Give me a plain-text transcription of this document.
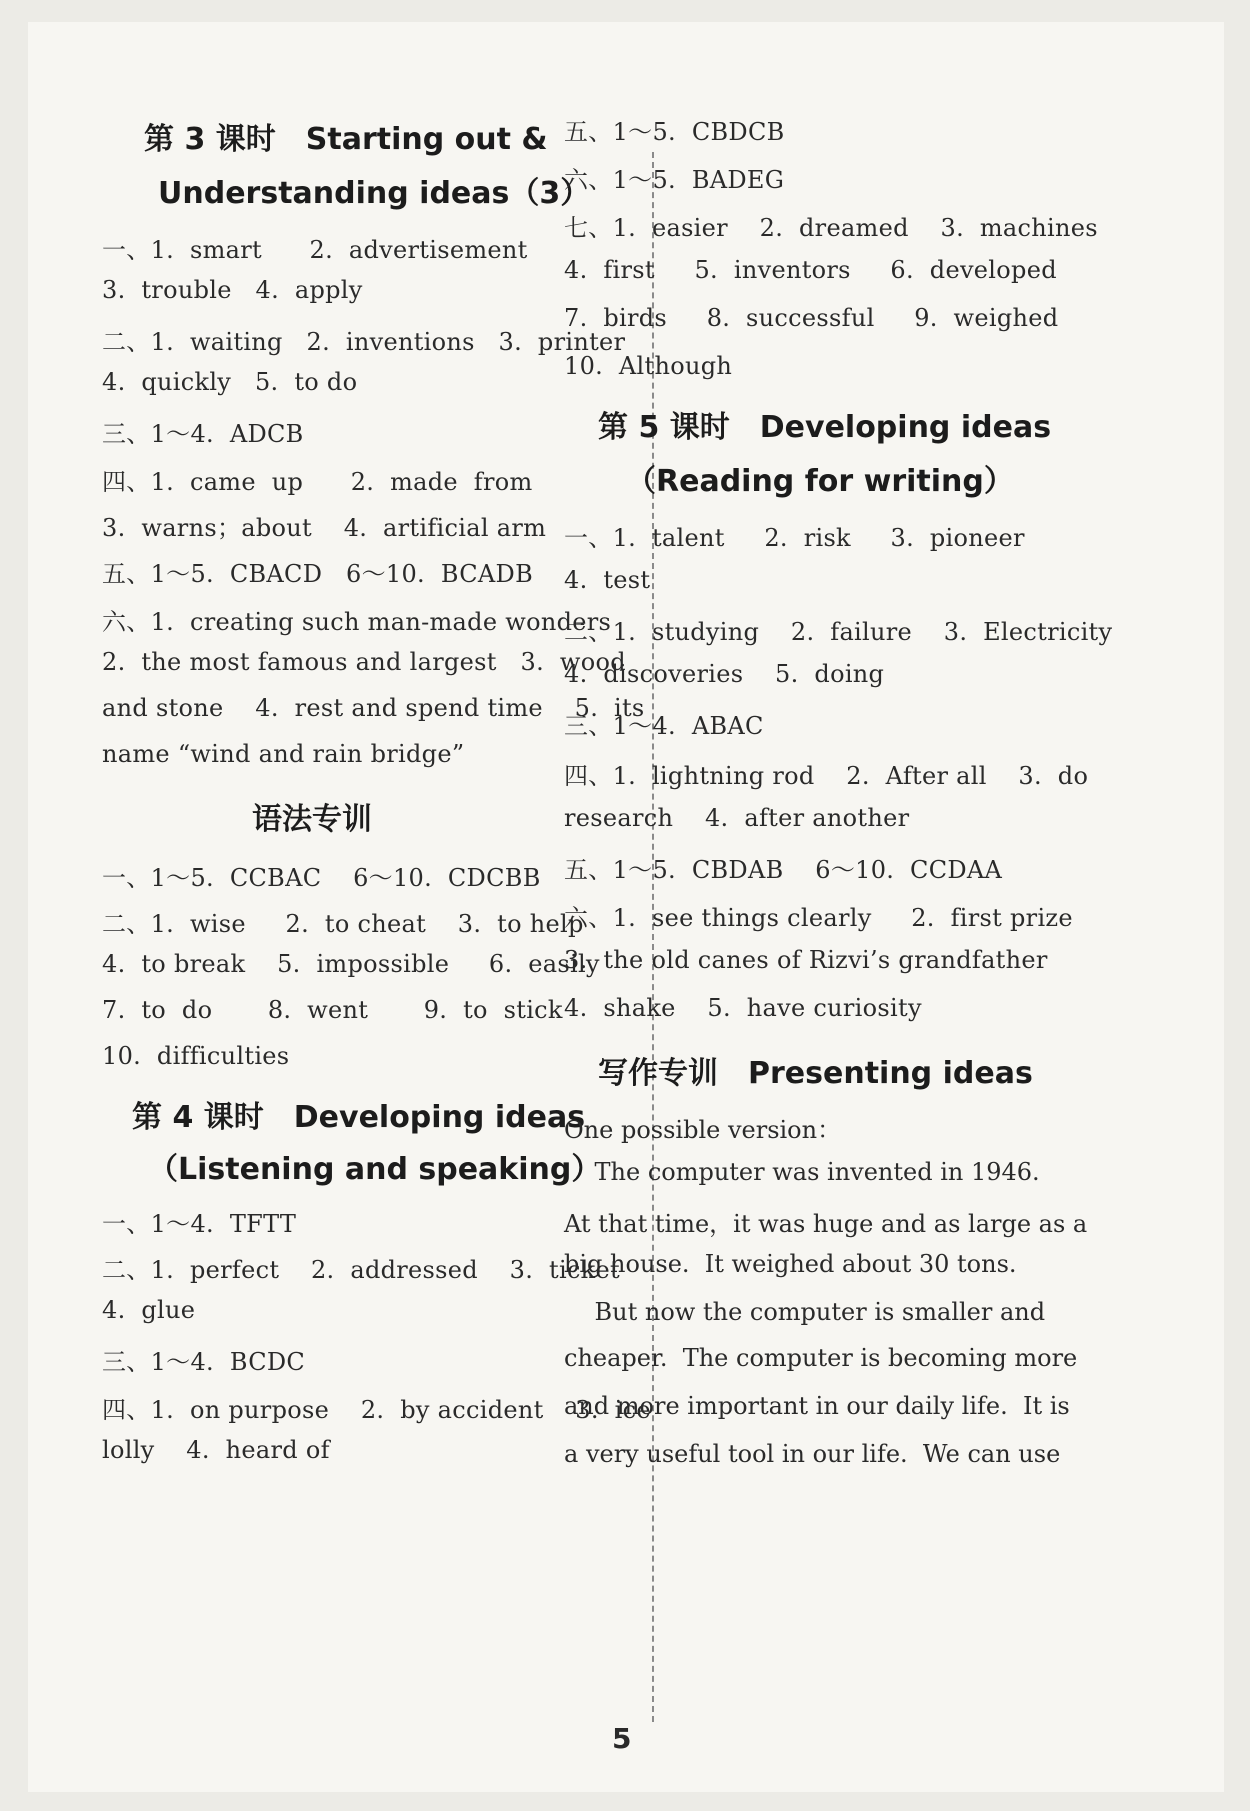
第 3 课时　Starting out &
Understanding ideas（3）
一、1.  smart      2.  advertisement
3.  trouble   4.  apply
二、1.  waiting   2.  inventions   3.  printer
4.  quickly   5.  to do
三、1～4.  ADCB
四、1.  came  up      2.  made  from
3.  warns；about    4.  artificial arm
五、1～5.  CBACD   6～10.  BCADB
六、1.  creating such man-made wonders
2.  the most famous and largest   3.  wood
and stone    4.  rest and spend time    5.  its
name “wind and rain bridge”
语法专训
一、1～5.  CCBAC    6～10.  CDCBB
二、1.  wise     2.  to cheat    3.  to help
4.  to break    5.  impossible     6.  easily
7.  to  do       8.  went       9.  to  stick
10.  difficulties
第 4 课时　Developing ideas
（Listening and speaking）
一、1～4.  TFTT
二、1.  perfect    2.  addressed    3.  ticket
4.  glue
三、1～4.  BCDC
四、1.  on purpose    2.  by accident    3.  ice
lolly    4.  heard of
五、1～5.  CBDCB
六、1～5.  BADEG
七、1.  easier    2.  dreamed    3.  machines
4.  first     5.  inventors     6.  developed
7.  birds     8.  successful     9.  weighed
10.  Although
第 5 课时　Developing ideas
（Reading for writing）
一、1.  talent     2.  risk     3.  pioneer
4.  test
二、1.  studying    2.  failure    3.  Electricity
4.  discoveries    5.  doing
三、1～4.  ABAC
四、1.  lightning rod    2.  After all    3.  do
research    4.  after another
五、1～5.  CBDAB    6～10.  CCDAA
六、1.  see things clearly     2.  first prize
3.  the old canes of Rizvi’s grandfather
4.  shake    5.  have curiosity
写作专训　Presenting ideas
One possible version：
The computer was invented in 1946.
At that time，it was huge and as large as a
big house.  It weighed about 30 tons.
But now the computer is smaller and
cheaper.  The computer is becoming more
and more important in our daily life.  It is
a very useful tool in our life.  We can use
5
